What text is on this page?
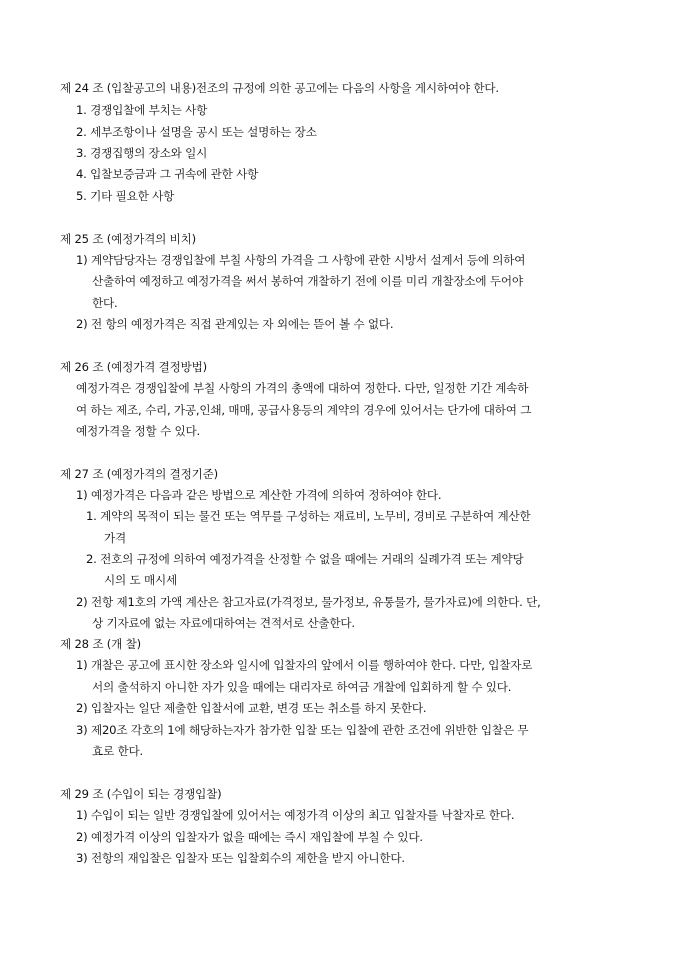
제 24 조 (입찰공고의 내용)전조의 규정에 의한 공고에는 다음의 사항을 게시하여야 한다.
1. 경쟁입찰에 부치는 사항
2. 세부조항이나 설명을 공시 또는 설명하는 장소
3. 경쟁집행의 장소와 일시
4. 입찰보증금과 그 귀속에 관한 사항
5. 기타 필요한 사항
제 25 조 (예정가격의 비치)
1) 계약담당자는 경쟁입찰에 부칠 사항의 가격을 그 사항에 관한 시방서 설계서 등에 의하여
산출하여 예정하고 예정가격을 써서 봉하여 개찰하기 전에 이를 미리 개찰장소에 두어야
한다.
2) 전 항의 예정가격은 직접 관계있는 자 외에는 뜯어 볼 수 없다.
제 26 조 (예정가격 결정방법)
예정가격은 경쟁입찰에 부칠 사항의 가격의 총액에 대하여 정한다. 다만, 일정한 기간 계속하
여 하는 제조, 수리, 가공,인쇄, 매매, 공급사용등의 계약의 경우에 있어서는 단가에 대하여 그
예정가격을 정할 수 있다.
제 27 조 (예정가격의 결정기준)
1) 예정가격은 다음과 같은 방법으로 계산한 가격에 의하여 정하여야 한다.
1. 계약의 목적이 되는 물건 또는 역무를 구성하는 재료비, 노무비, 경비로 구분하여 계산한
가격
2. 전호의 규정에 의하여 예정가격을 산정할 수 없을 때에는 거래의 실례가격 또는 계약당
시의 도 매시세
2) 전항 제1호의 가액 계산은 참고자료(가격정보, 물가정보, 유통물가, 물가자료)에 의한다. 단,
상 기자료에 없는 자료에대하여는 견적서로 산출한다.
제 28 조 (개 찰)
1) 개찰은 공고에 표시한 장소와 일시에 입찰자의 앞에서 이를 행하여야 한다. 다만, 입찰자로
서의 출석하지 아니한 자가 있을 때에는 대리자로 하여금 개찰에 입회하게 할 수 있다.
2) 입찰자는 일단 제출한 입찰서에 교환, 변경 또는 취소를 하지 못한다.
3) 제20조 각호의 1에 해당하는자가 참가한 입찰 또는 입찰에 관한 조건에 위반한 입찰은 무
효로 한다.
제 29 조 (수입이 되는 경쟁입찰)
1) 수입이 되는 일반 경쟁입찰에 있어서는 예정가격 이상의 최고 입찰자를 낙찰자로 한다.
2) 예정가격 이상의 입찰자가 없을 때에는 즉시 재입찰에 부칠 수 있다.
3) 전항의 재입찰은 입찰자 또는 입찰회수의 제한을 받지 아니한다.
